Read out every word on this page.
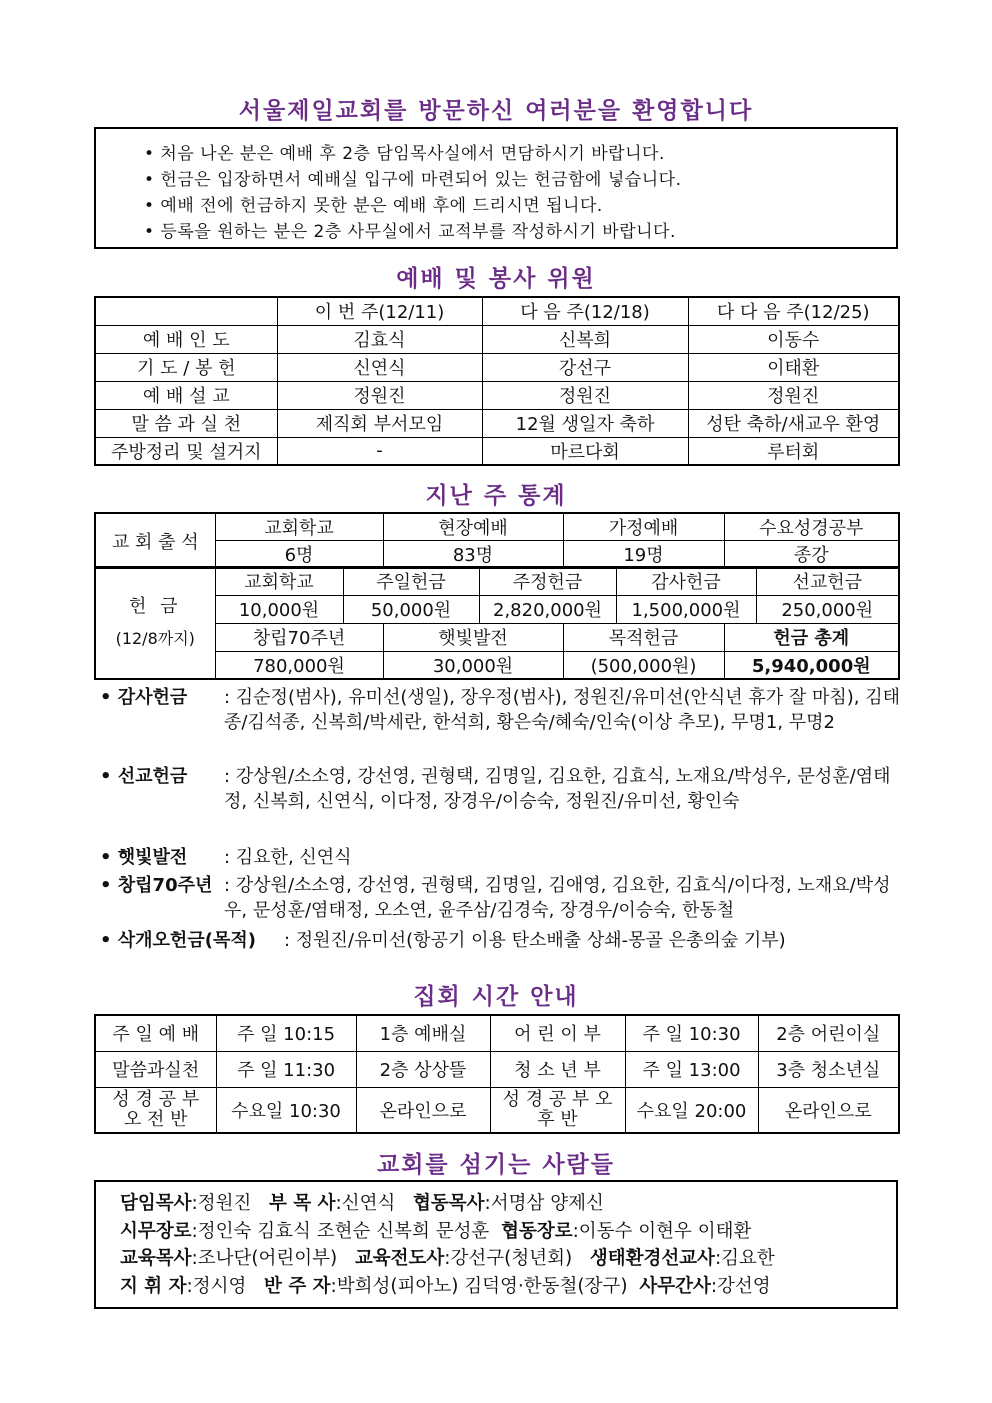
서울제일교회를 방문하신 여러분을 환영합니다
• 처음 나온 분은 예배 후 2층 담임목사실에서 면담하시기 바랍니다.
• 헌금은 입장하면서 예배실 입구에 마련되어 있는 헌금함에 넣습니다.
• 예배 전에 헌금하지 못한 분은 예배 후에 드리시면 됩니다.
• 등록을 원하는 분은 2층 사무실에서 교적부를 작성하시기 바랍니다.
예배 및 봉사 위원
	이 번 주(12/11)	다 음 주(12/18)	다 다 음 주(12/25)
예 배 인 도	김효식	신복희	이동수
기 도 / 봉 헌	신연식	강선구	이태환
예 배 설 교	정원진	정원진	정원진
말 씀 과 실 천	제직회 부서모임	12월 생일자 축하	성탄 축하/새교우 환영
주방정리 및 설거지	-	마르다회	루터회
지난 주 통계
교 회 출 석	교회학교	현장예배	가정예배	수요성경공부
	6명	83명	19명	종강
헌 금
(12/8까지)	교회학교	주일헌금		주정헌금		감사헌금		선교헌금
	10,000원	50,000원		2,820,000원		1,500,000원		250,000원
	창립70주년		햇빛발전		목적헌금		헌금 총계	
	780,000원		30,000원		(500,000원)		5,940,000원	
• 감사헌금 : 김순정(범사), 유미선(생일), 장우정(범사), 정원진/유미선(안식년 휴가 잘 마침), 김태종/김석종, 신복희/박세란, 한석희, 황은숙/혜숙/인숙(이상 추모), 무명1, 무명2
• 선교헌금 : 강상원/소소영, 강선영, 권형택, 김명일, 김요한, 김효식, 노재요/박성우, 문성훈/염태정, 신복희, 신연식, 이다정, 장경우/이승숙, 정원진/유미선, 황인숙
• 햇빛발전 : 김요한, 신연식
• 창립70주년 : 강상원/소소영, 강선영, 권형택, 김명일, 김애영, 김요한, 김효식/이다정, 노재요/박성우, 문성훈/염태정, 오소연, 윤주삼/김경숙, 장경우/이승숙, 한동철
• 삭개오헌금(목적) : 정원진/유미선(항공기 이용 탄소배출 상쇄-몽골 은총의숲 기부)
집회 시간 안내
주 일 예 배	주 일 10:15	1층 예배실	어 린 이 부	주 일 10:30	2층 어린이실
말씀과실천	주 일 11:30	2층 상상뜰	청 소 년 부	주 일 13:00	3층 청소년실
성 경 공 부 오 전 반	수요일 10:30	온라인으로	성 경 공 부 오 후 반	수요일 20:00	온라인으로
교회를 섬기는 사람들
담임목사:정원진 부 목 사:신연식 협동목사:서명삼 양제신
시무장로:정인숙 김효식 조현순 신복희 문성훈 협동장로:이동수 이현우 이태환
교육목사:조나단(어린이부) 교육전도사:강선구(청년회) 생태환경선교사:김요한
지 휘 자:정시영 반 주 자:박희성(피아노) 김덕영·한동철(장구) 사무간사:강선영
